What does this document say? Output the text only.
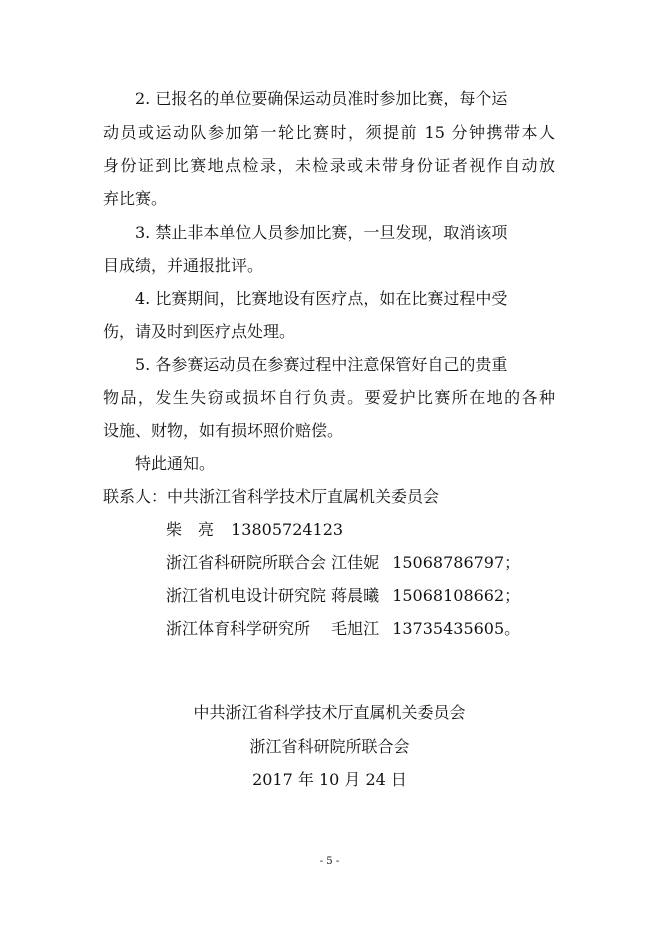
2. 已报名的单位要确保运动员准时参加比赛，每个运
动员或运动队参加第一轮比赛时，须提前 15 分钟携带本人
身份证到比赛地点检录，未检录或未带身份证者视作自动放
弃比赛。
3. 禁止非本单位人员参加比赛，一旦发现，取消该项
目成绩，并通报批评。
4. 比赛期间，比赛地设有医疗点，如在比赛过程中受
伤，请及时到医疗点处理。
5. 各参赛运动员在参赛过程中注意保管好自己的贵重
物品，发生失窃或损坏自行负责。要爱护比赛所在地的各种
设施、财物，如有损坏照价赔偿。
特此通知。
联系人：中共浙江省科学技术厅直属机关委员会
柴　亮 13805724123
浙江省科研院所联合会 江佳妮 15068786797；
浙江省机电设计研究院 蒋晨曦 15068108662；
浙江体育科学研究所　 毛旭江 13735435605。
中共浙江省科学技术厅直属机关委员会
浙江省科研院所联合会
2017 年 10 月 24 日
- 5 -
